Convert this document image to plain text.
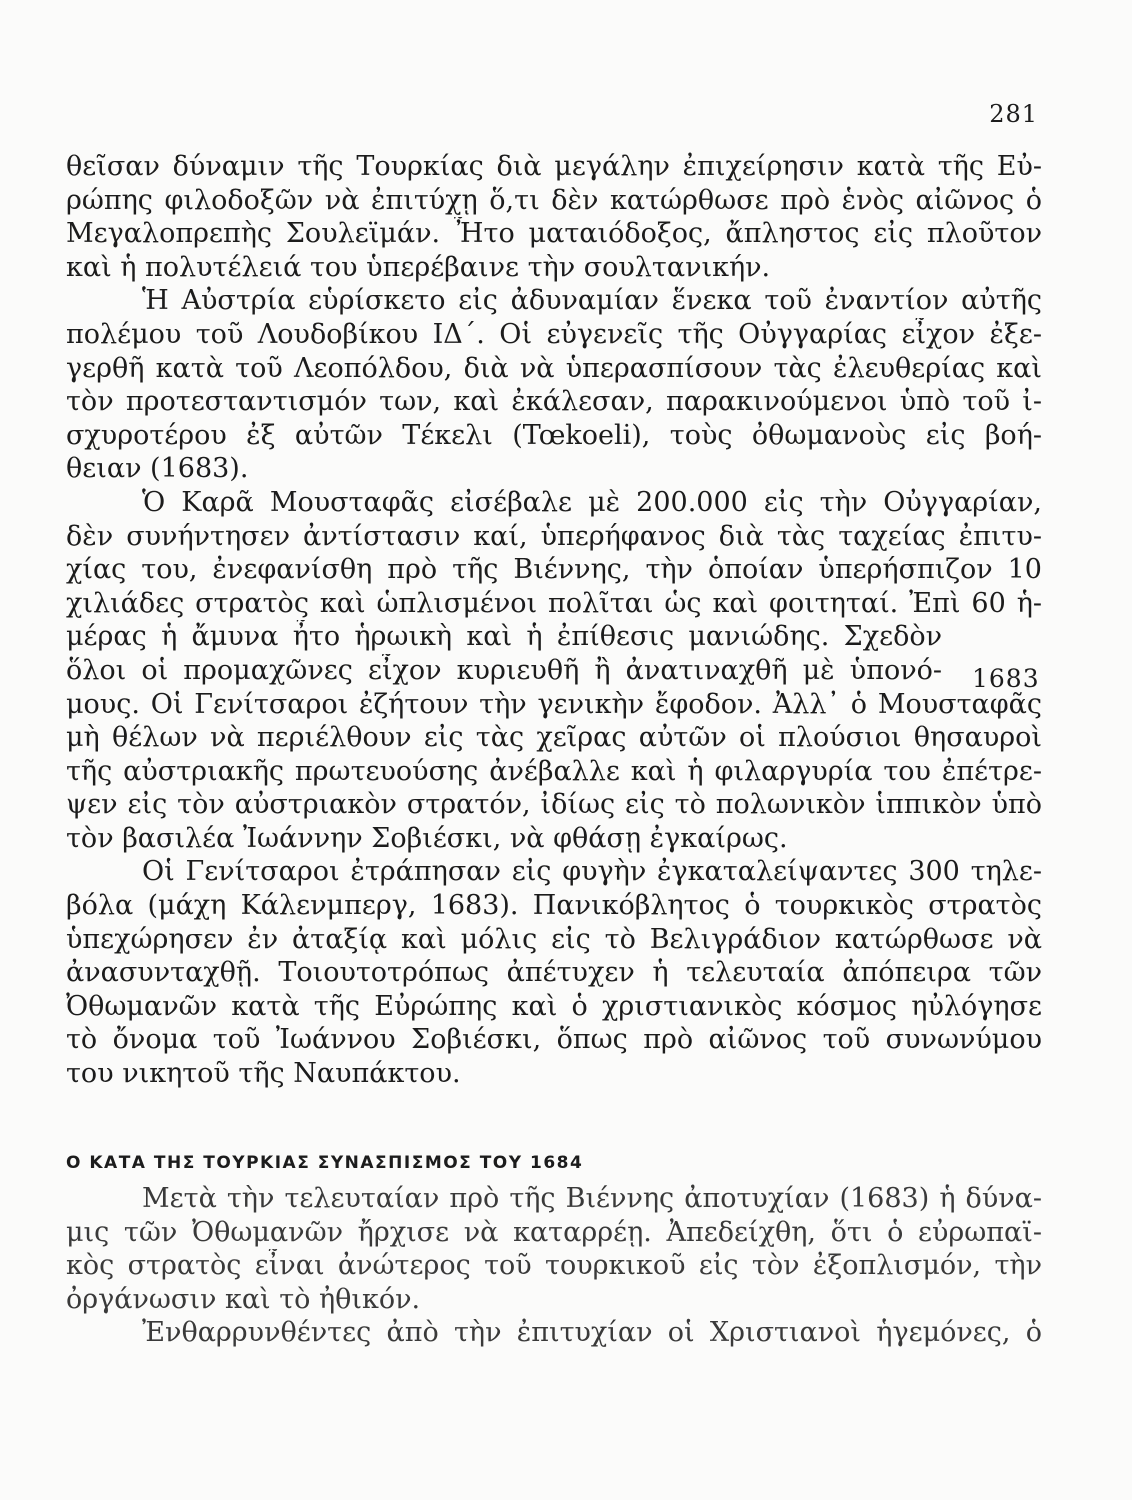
281
1683
θεῖσαν δύναμιν τῆς Τουρκίας διὰ μεγάλην ἐπιχείρησιν κατὰ τῆς Εὐ-
ρώπης φιλοδοξῶν νὰ ἐπιτύχῃ ὅ,τι δὲν κατώρθωσε πρὸ ἑνὸς αἰῶνος ὁ
Μεγαλοπρεπὴς Σουλεϊμάν. Ἦτο ματαιόδοξος, ἄπληστος εἰς πλοῦτον
καὶ ἡ πολυτέλειά του ὑπερέβαινε τὴν σουλτανικήν.
Ἡ Αὐστρία εὑρίσκετο εἰς ἀδυναμίαν ἕνεκα τοῦ ἐναντίον αὐτῆς
πολέμου τοῦ Λουδοβίκου ΙΔ΄. Οἱ εὐγενεῖς τῆς Οὐγγαρίας εἶχον ἐξε-
γερθῆ κατὰ τοῦ Λεοπόλδου, διὰ νὰ ὑπερασπίσουν τὰς ἐλευθερίας καὶ
τὸν προτεσταντισμόν των, καὶ ἐκάλεσαν, παρακινούμενοι ὑπὸ τοῦ ἰ-
σχυροτέρου ἐξ αὐτῶν Τέκελι (Tœkoeli), τοὺς ὀθωμανοὺς εἰς βοή-
θειαν (1683).
Ὁ Καρᾶ Μουσταφᾶς εἰσέβαλε μὲ 200.000 εἰς τὴν Οὐγγαρίαν,
δὲν συνήντησεν ἀντίστασιν καί, ὑπερήφανος διὰ τὰς ταχείας ἐπιτυ-
χίας του, ἐνεφανίσθη πρὸ τῆς Βιέννης, τὴν ὁποίαν ὑπερήσπιζον 10
χιλιάδες στρατὸς καὶ ὡπλισμένοι πολῖται ὡς καὶ φοιτηταί. Ἐπὶ 60 ἡ-
μέρας ἡ ἄμυνα ἦτο ἡρωικὴ καὶ ἡ ἐπίθεσις μανιώδης. Σχεδὸν
ὅλοι οἱ προμαχῶνες εἶχον κυριευθῆ ἢ ἀνατιναχθῆ μὲ ὑπονό-
μους. Οἱ Γενίτσαροι ἐζήτουν τὴν γενικὴν ἔφοδον. Ἀλλ᾽ ὁ Μουσταφᾶς
μὴ θέλων νὰ περιέλθουν εἰς τὰς χεῖρας αὐτῶν οἱ πλούσιοι θησαυροὶ
τῆς αὐστριακῆς πρωτευούσης ἀνέβαλλε καὶ ἡ φιλαργυρία του ἐπέτρε-
ψεν εἰς τὸν αὐστριακὸν στρατόν, ἰδίως εἰς τὸ πολωνικὸν ἱππικὸν ὑπὸ
τὸν βασιλέα Ἰωάννην Σοβιέσκι, νὰ φθάσῃ ἐγκαίρως.
Οἱ Γενίτσαροι ἐτράπησαν εἰς φυγὴν ἐγκαταλείψαντες 300 τηλε-
βόλα (μάχη Κάλενμπεργ, 1683). Πανικόβλητος ὁ τουρκικὸς στρατὸς
ὑπεχώρησεν ἐν ἀταξίᾳ καὶ μόλις εἰς τὸ Βελιγράδιον κατώρθωσε νὰ
ἀνασυνταχθῇ. Τοιουτοτρόπως ἀπέτυχεν ἡ τελευταία ἀπόπειρα τῶν
Ὀθωμανῶν κατὰ τῆς Εὐρώπης καὶ ὁ χριστιανικὸς κόσμος ηὐλόγησε
τὸ ὄνομα τοῦ Ἰωάννου Σοβιέσκι, ὅπως πρὸ αἰῶνος τοῦ συνωνύμου
του νικητοῦ τῆς Ναυπάκτου.
Ο ΚΑΤΑ ΤΗΣ ΤΟΥΡΚΙΑΣ ΣΥΝΑΣΠΙΣΜΟΣ ΤΟΥ 1684
Μετὰ τὴν τελευταίαν πρὸ τῆς Βιέννης ἀποτυχίαν (1683) ἡ δύνα-
μις τῶν Ὀθωμανῶν ἤρχισε νὰ καταρρέῃ. Ἀπεδείχθη, ὅτι ὁ εὐρωπαϊ-
κὸς στρατὸς εἶναι ἀνώτερος τοῦ τουρκικοῦ εἰς τὸν ἐξοπλισμόν, τὴν
ὀργάνωσιν καὶ τὸ ἠθικόν.
Ἐνθαρρυνθέντες ἀπὸ τὴν ἐπιτυχίαν οἱ Χριστιανοὶ ἡγεμόνες, ὁ
